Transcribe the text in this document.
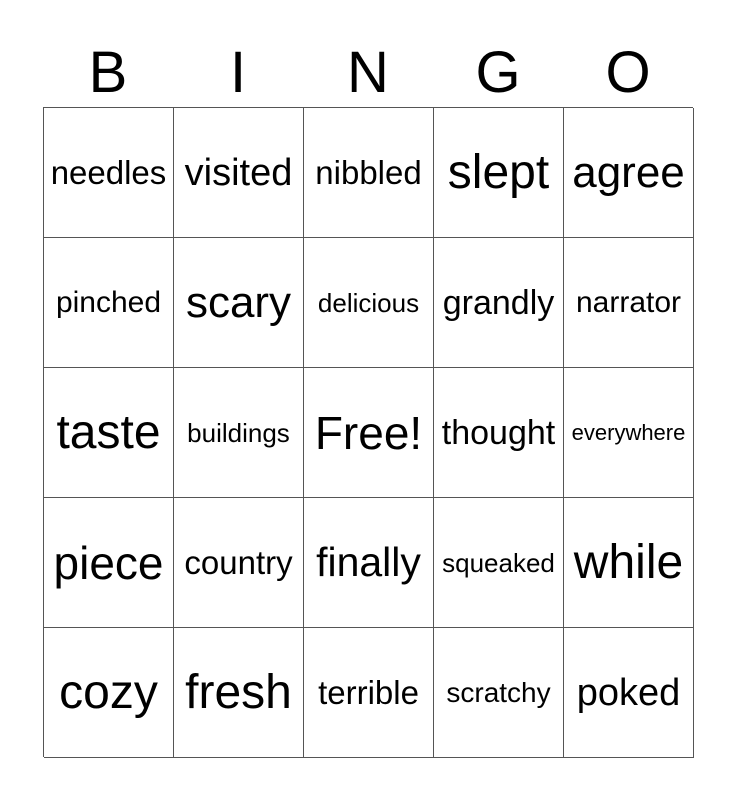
B	I	N	G	O
needles visited nibbled slept agree
pinched scary	delicious grandly narrator
taste	buildings Free! thought everywhere
piece country finally squeaked while
cozy fresh terrible scratchy poked
